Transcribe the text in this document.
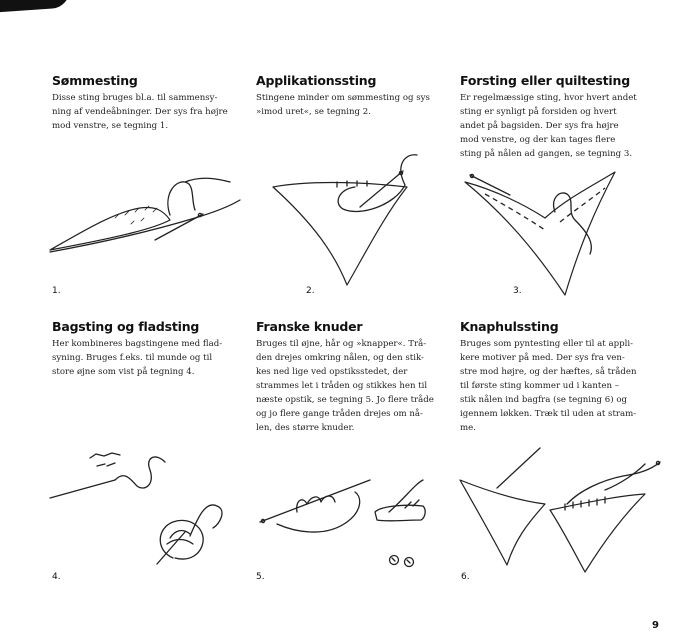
Sømmesting

Disse sting bruges bl.a. til sammensy-
ning af vendeåbninger. Der sys fra højre
mod venstre, se tegning 1.

Applikationssting

Stingene minder om sømmesting og sys
»imod uret«, se tegning 2.

Forsting eller quiltesting

Er regelmæssige sting, hvor hvert andet
sting er synligt på forsiden og hvert
andet på bagsiden. Der sys fra højre
mod venstre, og der kan tages flere
sting på nålen ad gangen, se tegning 3.

Bagsting og fladsting

Her kombineres bagstingene med flad-
syning. Bruges f.eks. til munde og til
store øjne som vist på tegning 4.

Franske knuder

Bruges til øjne, hår og »knapper«. Trå-
den drejes omkring nålen, og den stik-
kes ned lige ved opstiksstedet, der
strammes let i tråden og stikkes hen til
næste opstik, se tegning 5. Jo flere tråde
og jo flere gange tråden drejes om nå-
len, des større knuder.

Knaphulssting

Bruges som pyntesting eller til at appli-
kere motiver på med. Der sys fra ven-
stre mod højre, og der hæftes, så tråden
til første sting kommer ud i kanten –
stik nålen ind bagfra (se tegning 6) og
igennem løkken. Træk til uden at stram-
me.

1.	2.	3.
4.	5.	6.
9
